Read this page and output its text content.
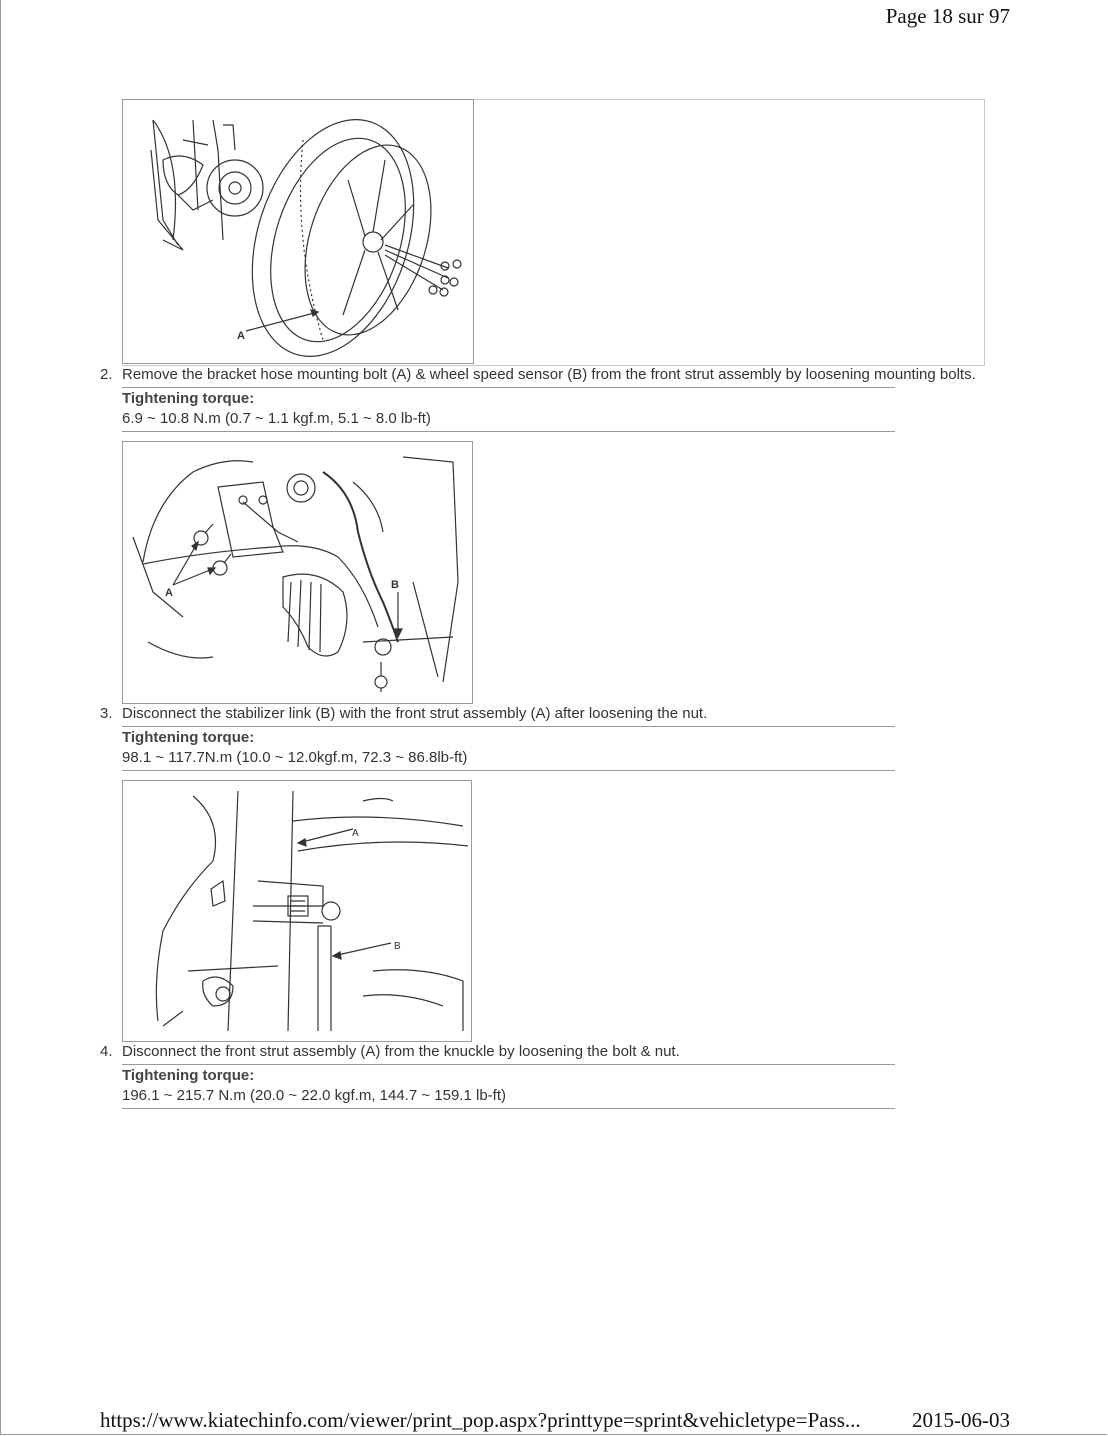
Page 18 sur 97
A
2. Remove the bracket hose mounting bolt (A) & wheel speed sensor (B) from the front strut assembly by loosening mounting bolts.
Tightening torque:
6.9 ~ 10.8 N.m (0.7 ~ 1.1 kgf.m, 5.1 ~ 8.0 lb-ft)
A
B
3. Disconnect the stabilizer link (B) with the front strut assembly (A) after loosening the nut.
Tightening torque:
98.1 ~ 117.7N.m (10.0 ~ 12.0kgf.m, 72.3 ~ 86.8lb-ft)
A
B
4. Disconnect the front strut assembly (A) from the knuckle by loosening the bolt & nut.
Tightening torque:
196.1 ~ 215.7 N.m (20.0 ~ 22.0 kgf.m, 144.7 ~ 159.1 lb-ft)
https://www.kiatechinfo.com/viewer/print_pop.aspx?printtype=sprint&vehicletype=Pass... 2015-06-03
